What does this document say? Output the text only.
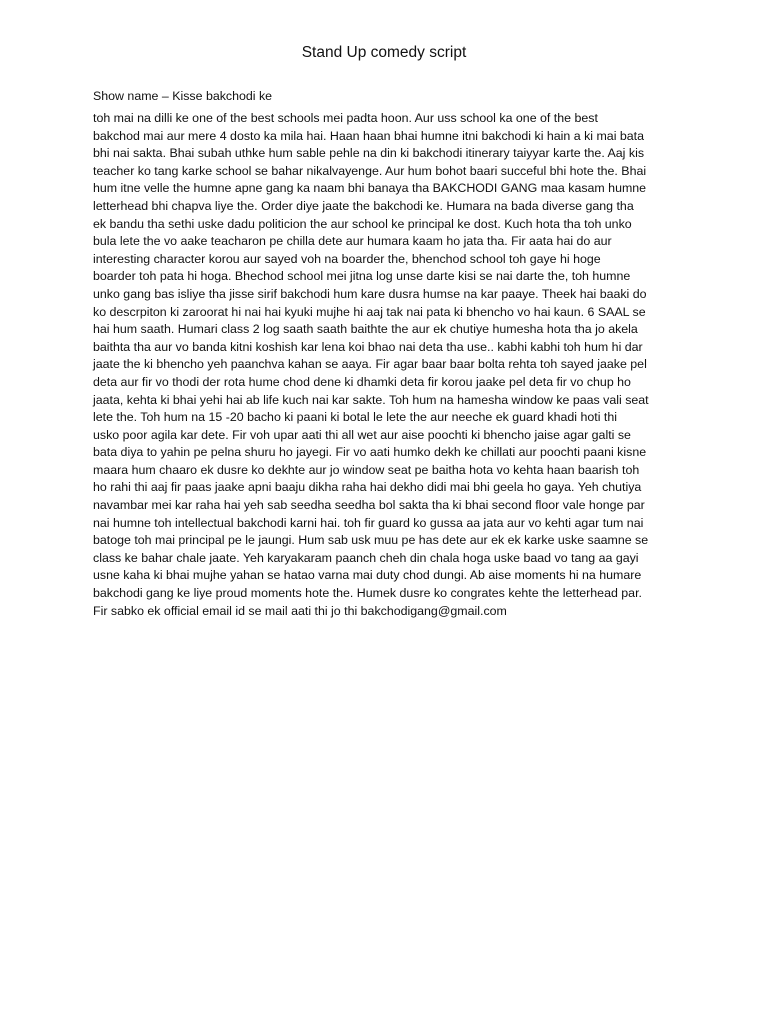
Stand Up comedy script

Show name – Kisse bakchodi ke

toh mai na dilli ke one of the best schools mei padta hoon. Aur uss school ka one of the best
bakchod mai aur mere 4 dosto ka mila hai. Haan haan bhai humne itni bakchodi ki hain a ki mai bata
bhi nai sakta. Bhai subah uthke hum sable pehle na din ki bakchodi itinerary taiyyar karte the. Aaj kis
teacher ko tang karke school se bahar nikalvayenge. Aur hum bohot baari succeful bhi hote the. Bhai
hum itne velle the humne apne gang ka naam bhi banaya tha BAKCHODI GANG maa kasam humne
letterhead bhi chapva liye the. Order diye jaate the bakchodi ke. Humara na bada diverse gang tha
ek bandu tha sethi uske dadu politicion the aur school ke principal ke dost. Kuch hota tha toh unko
bula lete the vo aake teacharon pe chilla dete aur humara kaam ho jata tha. Fir aata hai do aur
interesting character korou aur sayed voh na boarder the, bhenchod school toh gaye hi hoge
boarder toh pata hi hoga. Bhechod school mei jitna log unse darte kisi se nai darte the, toh humne
unko gang bas isliye tha jisse sirif bakchodi hum kare dusra humse na kar paaye. Theek hai baaki do
ko descrpiton ki zaroorat hi nai hai kyuki mujhe hi aaj tak nai pata ki bhencho vo hai kaun. 6 SAAL se
hai hum saath. Humari class 2 log saath saath baithte the aur ek chutiye humesha hota tha jo akela
baithta tha aur vo banda kitni koshish kar lena koi bhao nai deta tha use.. kabhi kabhi toh hum hi dar
jaate the ki bhencho yeh paanchva kahan se aaya. Fir agar baar baar bolta rehta toh sayed jaake pel
deta aur fir vo thodi der rota hume chod dene ki dhamki deta fir korou jaake pel deta fir vo chup ho
jaata, kehta ki bhai yehi hai ab life kuch nai kar sakte. Toh hum na hamesha window ke paas vali seat
lete the. Toh hum na 15 -20 bacho ki paani ki botal le lete the aur neeche ek guard khadi hoti thi
usko poor agila kar dete. Fir voh upar aati thi all wet aur aise poochti ki bhencho jaise agar galti se
bata diya to yahin pe pelna shuru ho jayegi. Fir vo aati humko dekh ke chillati aur poochti paani kisne
maara hum chaaro ek dusre ko dekhte aur jo window seat pe baitha hota vo kehta haan baarish toh
ho rahi thi aaj fir paas jaake apni baaju dikha raha hai dekho didi mai bhi geela ho gaya. Yeh chutiya
navambar mei kar raha hai yeh sab seedha seedha bol sakta tha ki bhai second floor vale honge par
nai humne toh intellectual bakchodi karni hai. toh fir guard ko gussa aa jata aur vo kehti agar tum nai
batoge toh mai principal pe le jaungi. Hum sab usk muu pe has dete aur ek ek karke uske saamne se
class ke bahar chale jaate. Yeh karyakaram paanch cheh din chala hoga uske baad vo tang aa gayi
usne kaha ki bhai mujhe yahan se hatao varna mai duty chod dungi. Ab aise moments hi na humare
bakchodi gang ke liye proud moments hote the. Humek dusre ko congrates kehte the letterhead par.
Fir sabko ek official email id se mail aati thi jo thi bakchodigang@gmail.com
